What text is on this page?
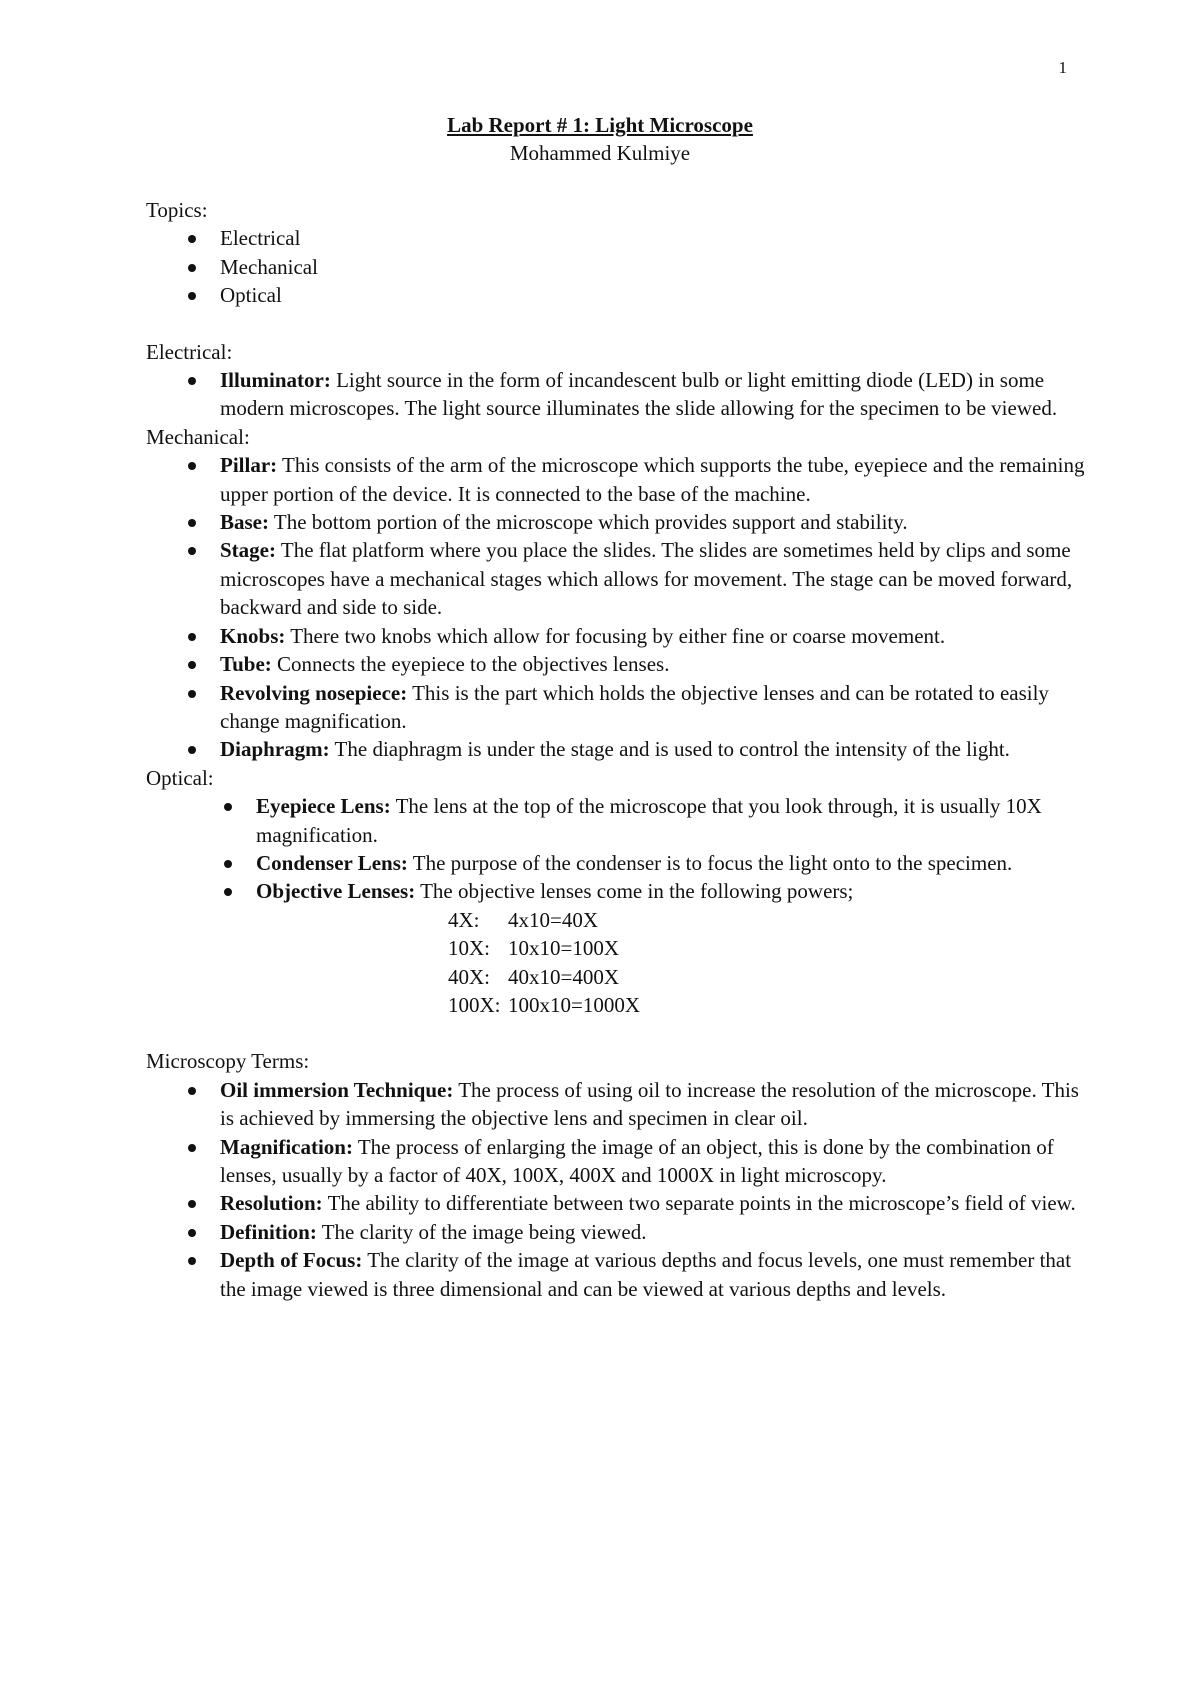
1
Lab Report # 1: Light Microscope
Mohammed Kulmiye

Topics:

Electrical
Mechanical
Optical

Electrical:

Illuminator: Light source in the form of incandescent bulb or light emitting diode (LED) in some modern microscopes. The light source illuminates the slide allowing for the specimen to be viewed.

Mechanical:

Pillar: This consists of the arm of the microscope which supports the tube, eyepiece and the remaining upper portion of the device. It is connected to the base of the machine.
Base: The bottom portion of the microscope which provides support and stability.
Stage: The flat platform where you place the slides. The slides are sometimes held by clips and some microscopes have a mechanical stages which allows for movement. The stage can be moved forward, backward and side to side.
Knobs: There two knobs which allow for focusing by either fine or coarse movement.
Tube: Connects the eyepiece to the objectives lenses.
Revolving nosepiece: This is the part which holds the objective lenses and can be rotated to easily change magnification.
Diaphragm: The diaphragm is under the stage and is used to control the intensity of the light.

Optical:

Eyepiece Lens: The lens at the top of the microscope that you look through, it is usually 10X magnification.
Condenser Lens: The purpose of the condenser is to focus the light onto to the specimen.
Objective Lenses: The objective lenses come in the following powers;
4X:	4x10=40X
10X: 10x10=100X
40X: 40x10=400X
100X: 100x10=1000X

Microscopy Terms:

Oil immersion Technique: The process of using oil to increase the resolution of the microscope. This is achieved by immersing the objective lens and specimen in clear oil.
Magnification: The process of enlarging the image of an object, this is done by the combination of lenses, usually by a factor of 40X, 100X, 400X and 1000X in light microscopy.
Resolution: The ability to differentiate between two separate points in the microscope’s field of view.
Definition: The clarity of the image being viewed.
Depth of Focus: The clarity of the image at various depths and focus levels, one must remember that the image viewed is three dimensional and can be viewed at various depths and levels.
